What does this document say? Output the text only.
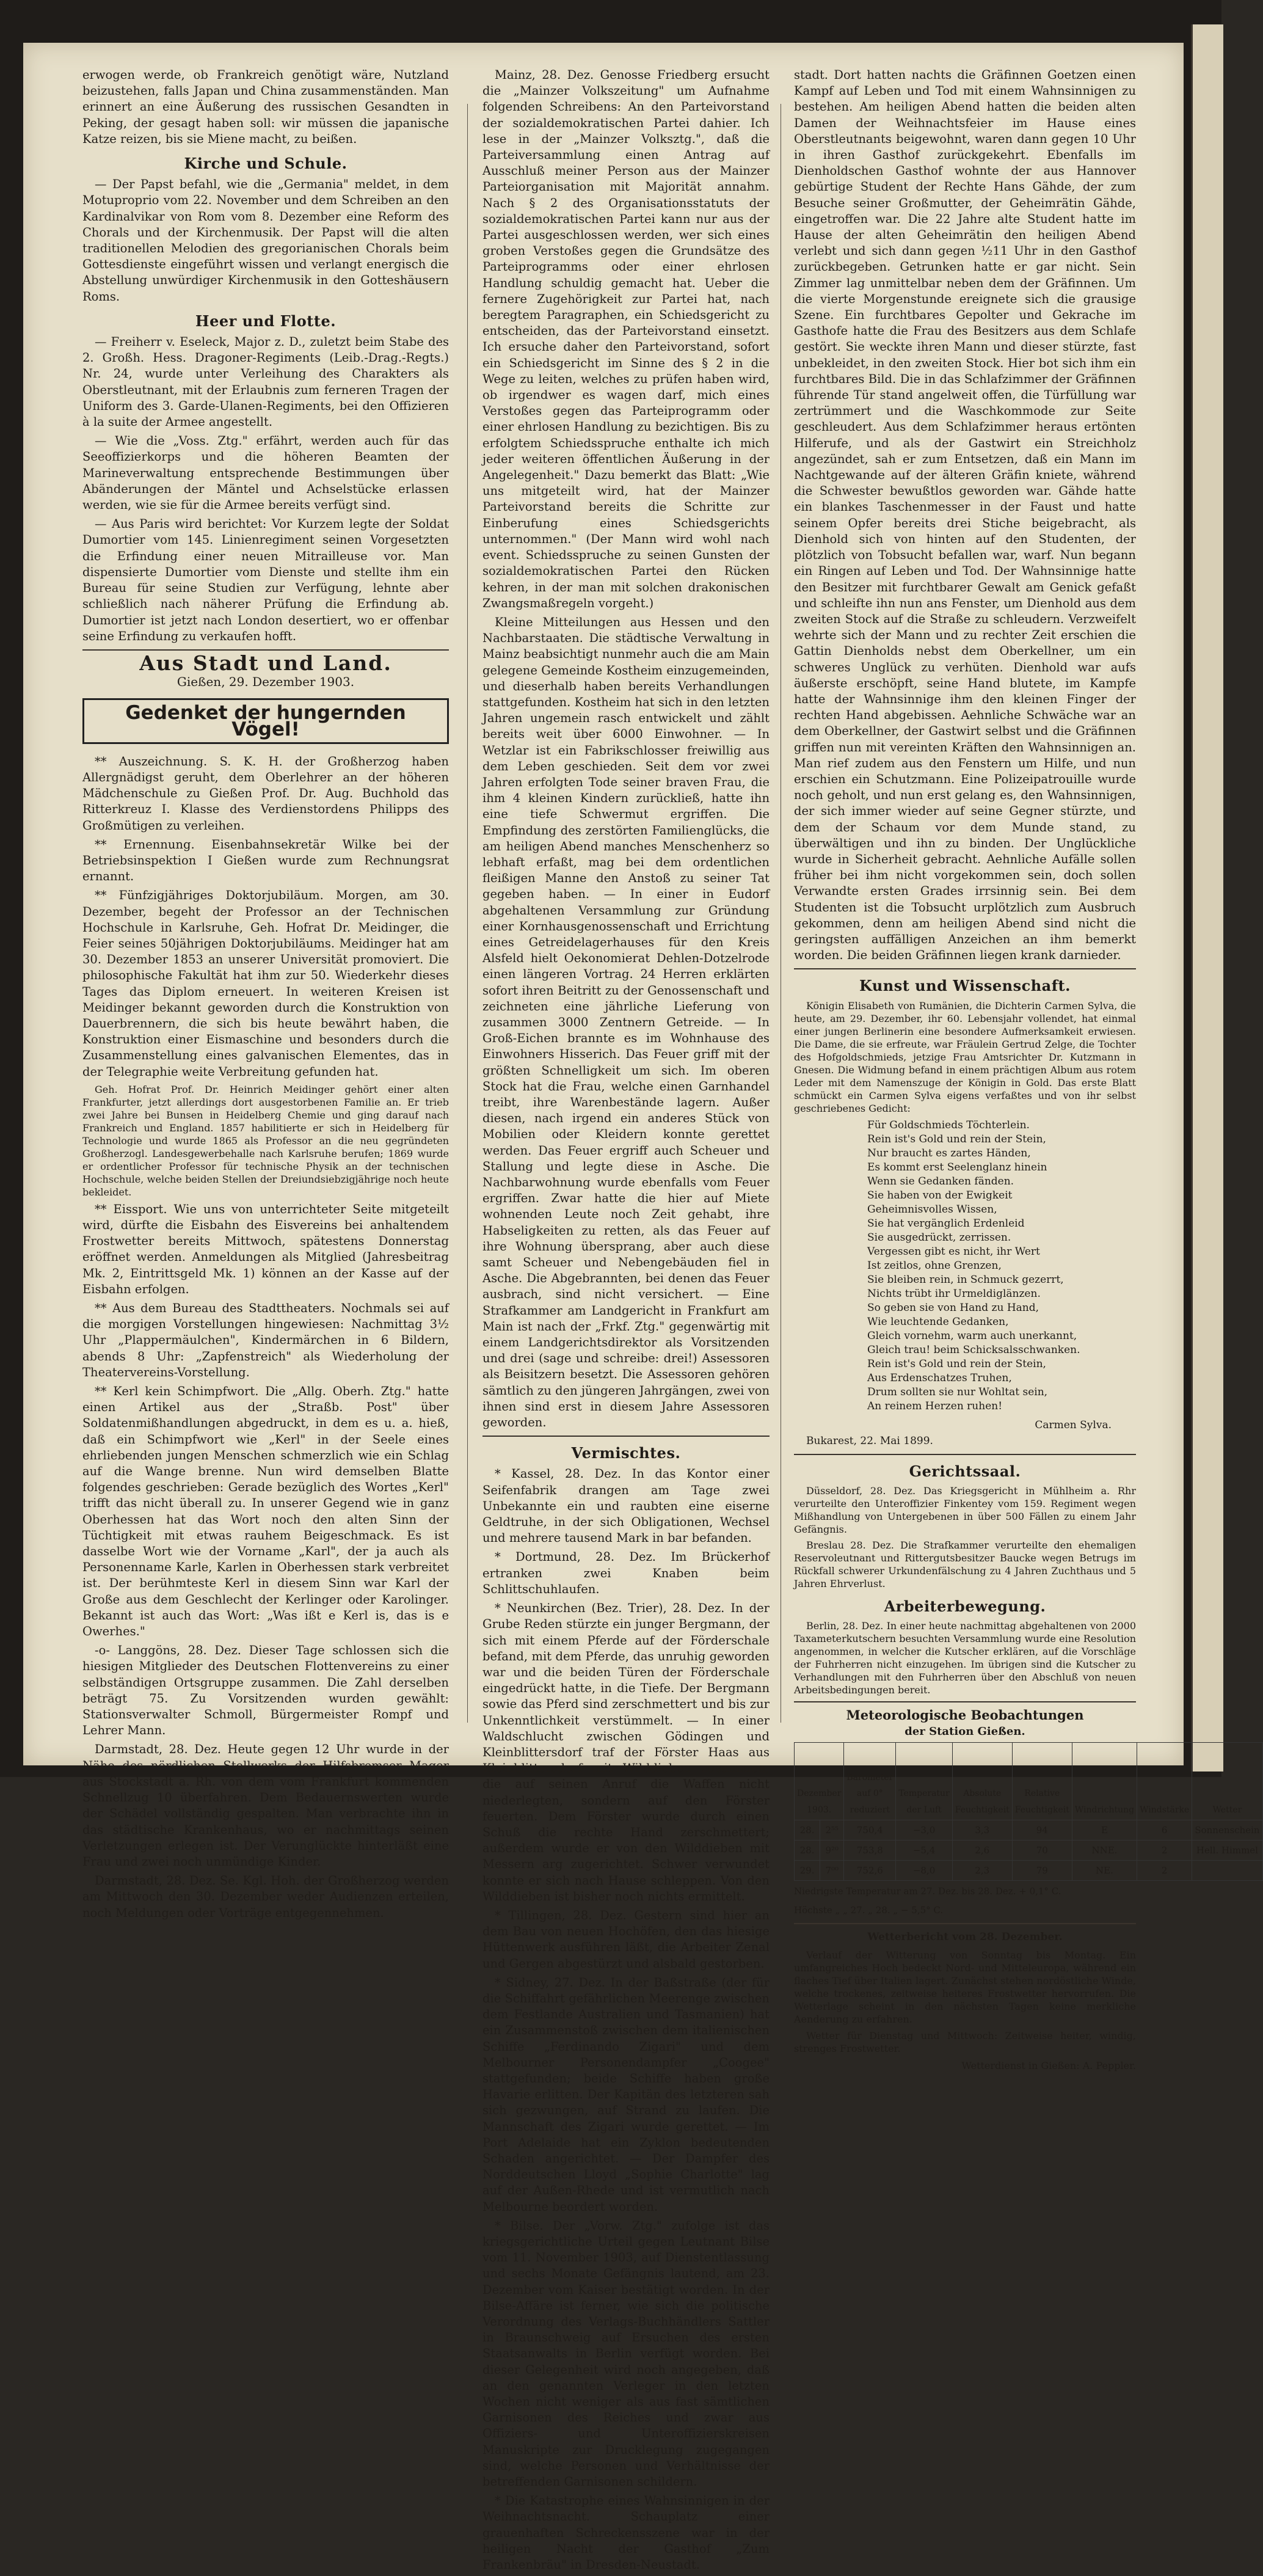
erwogen werde, ob Frankreich genötigt wäre, Nutzland beizustehen, falls Japan und China zusammenständen. Man erinnert an eine Äußerung des russischen Gesandten in Peking, der gesagt haben soll: wir müssen die japanische Katze reizen, bis sie Miene macht, zu beißen.

Kirche und Schule.

— Der Papst befahl, wie die „Germania" meldet, in dem Motuproprio vom 22. November und dem Schreiben an den Kardinalvikar von Rom vom 8. Dezember eine Reform des Chorals und der Kirchenmusik. Der Papst will die alten traditionellen Melodien des gregorianischen Chorals beim Gottesdienste eingeführt wissen und verlangt energisch die Abstellung unwürdiger Kirchenmusik in den Gotteshäusern Roms.

Heer und Flotte.

— Freiherr v. Eseleck, Major z. D., zuletzt beim Stabe des 2. Großh. Hess. Dragoner-Regiments (Leib.-Drag.-Regts.) Nr. 24, wurde unter Verleihung des Charakters als Oberstleutnant, mit der Erlaubnis zum ferneren Tragen der Uniform des 3. Garde-Ulanen-Regiments, bei den Offizieren à la suite der Armee angestellt.

— Wie die „Voss. Ztg." erfährt, werden auch für das Seeoffizierkorps und die höheren Beamten der Marineverwaltung entsprechende Bestimmungen über Abänderungen der Mäntel und Achselstücke erlassen werden, wie sie für die Armee bereits verfügt sind.

— Aus Paris wird berichtet: Vor Kurzem legte der Soldat Dumortier vom 145. Linienregiment seinen Vorgesetzten die Erfindung einer neuen Mitrailleuse vor. Man dispensierte Dumortier vom Dienste und stellte ihm ein Bureau für seine Studien zur Verfügung, lehnte aber schließlich nach näherer Prüfung die Erfindung ab. Dumortier ist jetzt nach London desertiert, wo er offenbar seine Erfindung zu verkaufen hofft.

Aus Stadt und Land.
Gießen, 29. Dezember 1903.
Gedenket der hungernden Vögel!

** Auszeichnung. S. K. H. der Großherzog haben Allergnädigst geruht, dem Oberlehrer an der höheren Mädchenschule zu Gießen Prof. Dr. Aug. Buchhold das Ritterkreuz I. Klasse des Verdienstordens Philipps des Großmütigen zu verleihen.

** Ernennung. Eisenbahnsekretär Wilke bei der Betriebsinspektion I Gießen wurde zum Rechnungsrat ernannt.

** Fünfzigjähriges Doktorjubiläum. Morgen, am 30. Dezember, begeht der Professor an der Technischen Hochschule in Karlsruhe, Geh. Hofrat Dr. Meidinger, die Feier seines 50jährigen Doktorjubiläums. Meidinger hat am 30. Dezember 1853 an unserer Universität promoviert. Die philosophische Fakultät hat ihm zur 50. Wiederkehr dieses Tages das Diplom erneuert. In weiteren Kreisen ist Meidinger bekannt geworden durch die Konstruktion von Dauerbrennern, die sich bis heute bewährt haben, die Konstruktion einer Eismaschine und besonders durch die Zusammenstellung eines galvanischen Elementes, das in der Telegraphie weite Verbreitung gefunden hat.

Geh. Hofrat Prof. Dr. Heinrich Meidinger gehört einer alten Frankfurter, jetzt allerdings dort ausgestorbenen Familie an. Er trieb zwei Jahre bei Bunsen in Heidelberg Chemie und ging darauf nach Frankreich und England. 1857 habilitierte er sich in Heidelberg für Technologie und wurde 1865 als Professor an die neu gegründeten Großherzogl. Landesgewerbehalle nach Karlsruhe berufen; 1869 wurde er ordentlicher Professor für technische Physik an der technischen Hochschule, welche beiden Stellen der Dreiundsiebzigjährige noch heute bekleidet.

** Eissport. Wie uns von unterrichteter Seite mitgeteilt wird, dürfte die Eisbahn des Eisvereins bei anhaltendem Frostwetter bereits Mittwoch, spätestens Donnerstag eröffnet werden. Anmeldungen als Mitglied (Jahresbeitrag Mk. 2, Eintrittsgeld Mk. 1) können an der Kasse auf der Eisbahn erfolgen.

** Aus dem Bureau des Stadttheaters. Nochmals sei auf die morgigen Vorstellungen hingewiesen: Nachmittag 3½ Uhr „Plappermäulchen", Kindermärchen in 6 Bildern, abends 8 Uhr: „Zapfenstreich" als Wiederholung der Theatervereins-Vorstellung.

** Kerl kein Schimpfwort. Die „Allg. Oberh. Ztg." hatte einen Artikel aus der „Straßb. Post" über Soldatenmißhandlungen abgedruckt, in dem es u. a. hieß, daß ein Schimpfwort wie „Kerl" in der Seele eines ehrliebenden jungen Menschen schmerzlich wie ein Schlag auf die Wange brenne. Nun wird demselben Blatte folgendes geschrieben: Gerade bezüglich des Wortes „Kerl" trifft das nicht überall zu. In unserer Gegend wie in ganz Oberhessen hat das Wort noch den alten Sinn der Tüchtigkeit mit etwas rauhem Beigeschmack. Es ist dasselbe Wort wie der Vorname „Karl", der ja auch als Personenname Karle, Karlen in Oberhessen stark verbreitet ist. Der berühmteste Kerl in diesem Sinn war Karl der Große aus dem Geschlecht der Kerlinger oder Karolinger. Bekannt ist auch das Wort: „Was ißt e Kerl is, das is e Owerhes."

-o- Langgöns, 28. Dez. Dieser Tage schlossen sich die hiesigen Mitglieder des Deutschen Flottenvereins zu einer selbständigen Ortsgruppe zusammen. Die Zahl derselben beträgt 75. Zu Vorsitzenden wurden gewählt: Stationsverwalter Schmoll, Bürgermeister Rompf und Lehrer Mann.

Darmstadt, 28. Dez. Heute gegen 12 Uhr wurde in der Nähe des nördlichen Stellwerks der Hilfsbremser Mager aus Stockstadt a. Rh. von dem vom Frankfurt kommenden Schnellzug 10 überfahren. Dem Bedauernswerten wurde der Schädel vollständig gespalten. Man verbrachte ihn in das städtische Krankenhaus, wo er nachmittags seinen Verletzungen erlegen ist. Der Verunglückte hinterläßt eine Frau und zwei noch unmündige Kinder.

Darmstadt, 28. Dez. Se. Kgl. Hoh. der Großherzog werden am Mittwoch den 30. Dezember weder Audienzen erteilen, noch Meldungen oder Vorträge entgegennehmen.

Mainz, 28. Dez. Genosse Friedberg ersucht die „Mainzer Volkszeitung" um Aufnahme folgenden Schreibens: An den Parteivorstand der sozialdemokratischen Partei dahier. Ich lese in der „Mainzer Volksztg.", daß die Parteiversammlung einen Antrag auf Ausschluß meiner Person aus der Mainzer Parteiorganisation mit Majorität annahm. Nach § 2 des Organisationsstatuts der sozialdemokratischen Partei kann nur aus der Partei ausgeschlossen werden, wer sich eines groben Verstoßes gegen die Grundsätze des Parteiprogramms oder einer ehrlosen Handlung schuldig gemacht hat. Ueber die fernere Zugehörigkeit zur Partei hat, nach beregtem Paragraphen, ein Schiedsgericht zu entscheiden, das der Parteivorstand einsetzt. Ich ersuche daher den Parteivorstand, sofort ein Schiedsgericht im Sinne des § 2 in die Wege zu leiten, welches zu prüfen haben wird, ob irgendwer es wagen darf, mich eines Verstoßes gegen das Parteiprogramm oder einer ehrlosen Handlung zu bezichtigen. Bis zu erfolgtem Schiedsspruche enthalte ich mich jeder weiteren öffentlichen Äußerung in der Angelegenheit." Dazu bemerkt das Blatt: „Wie uns mitgeteilt wird, hat der Mainzer Parteivorstand bereits die Schritte zur Einberufung eines Schiedsgerichts unternommen." (Der Mann wird wohl nach event. Schiedsspruche zu seinen Gunsten der sozialdemokratischen Partei den Rücken kehren, in der man mit solchen drakonischen Zwangsmaßregeln vorgeht.)

Kleine Mitteilungen aus Hessen und den Nachbarstaaten. Die städtische Verwaltung in Mainz beabsichtigt nunmehr auch die am Main gelegene Gemeinde Kostheim einzugemeinden, und dieserhalb haben bereits Verhandlungen stattgefunden. Kostheim hat sich in den letzten Jahren ungemein rasch entwickelt und zählt bereits weit über 6000 Einwohner. — In Wetzlar ist ein Fabrikschlosser freiwillig aus dem Leben geschieden. Seit dem vor zwei Jahren erfolgten Tode seiner braven Frau, die ihm 4 kleinen Kindern zurückließ, hatte ihn eine tiefe Schwermut ergriffen. Die Empfindung des zerstörten Familienglücks, die am heiligen Abend manches Menschenherz so lebhaft erfaßt, mag bei dem ordentlichen fleißigen Manne den Anstoß zu seiner Tat gegeben haben. — In einer in Eudorf abgehaltenen Versammlung zur Gründung einer Kornhausgenossenschaft und Errichtung eines Getreidelagerhauses für den Kreis Alsfeld hielt Oekonomierat Dehlen-Dotzelrode einen längeren Vortrag. 24 Herren erklärten sofort ihren Beitritt zu der Genossenschaft und zeichneten eine jährliche Lieferung von zusammen 3000 Zentnern Getreide. — In Groß-Eichen brannte es im Wohnhause des Einwohners Hisserich. Das Feuer griff mit der größten Schnelligkeit um sich. Im oberen Stock hat die Frau, welche einen Garnhandel treibt, ihre Warenbestände lagern. Außer diesen, nach irgend ein anderes Stück von Mobilien oder Kleidern konnte gerettet werden. Das Feuer ergriff auch Scheuer und Stallung und legte diese in Asche. Die Nachbarwohnung wurde ebenfalls vom Feuer ergriffen. Zwar hatte die hier auf Miete wohnenden Leute noch Zeit gehabt, ihre Habseligkeiten zu retten, als das Feuer auf ihre Wohnung übersprang, aber auch diese samt Scheuer und Nebengebäuden fiel in Asche. Die Abgebrannten, bei denen das Feuer ausbrach, sind nicht versichert. — Eine Strafkammer am Landgericht in Frankfurt am Main ist nach der „Frkf. Ztg." gegenwärtig mit einem Landgerichtsdirektor als Vorsitzenden und drei (sage und schreibe: drei!) Assessoren als Beisitzern besetzt. Die Assessoren gehören sämtlich zu den jüngeren Jahrgängen, zwei von ihnen sind erst in diesem Jahre Assessoren geworden.

Vermischtes.

* Kassel, 28. Dez. In das Kontor einer Seifenfabrik drangen am Tage zwei Unbekannte ein und raubten eine eiserne Geldtruhe, in der sich Obligationen, Wechsel und mehrere tausend Mark in bar befanden.

* Dortmund, 28. Dez. Im Brückerhof ertranken zwei Knaben beim Schlittschuhlaufen.

* Neunkirchen (Bez. Trier), 28. Dez. In der Grube Reden stürzte ein junger Bergmann, der sich mit einem Pferde auf der Förderschale befand, mit dem Pferde, das unruhig geworden war und die beiden Türen der Förderschale eingedrückt hatte, in die Tiefe. Der Bergmann sowie das Pferd sind zerschmettert und bis zur Unkenntlichkeit verstümmelt. — In einer Waldschlucht zwischen Gödingen und Kleinblittersdorf traf der Förster Haas aus Kleinblittersdorf mit Wilddieben zusammen, die auf seinen Anruf die Waffen nicht niederlegten, sondern auf den Förster feuerten. Dem Förster wurde durch einen Schuß die rechte Hand zerschmettert; außerdem wurde er von den Wilddieben mit Messern arg zugerichtet. Schwer verwundet konnte er sich nach Hause schleppen. Von den Wilddieben ist bisher noch nichts ermittelt.

* Tillingen, 28. Dez. Gestern sind hier an dem Bau von neuen Hochöfen, den das hiesige Hüttenwerk ausführen läßt, die Arbeiter Zenal und Gergen abgestürzt und alsbald gestorben.

* Sidney, 27. Dez. In der Baßstraße (der für die Schiffahrt gefährlichen Meerenge zwischen dem Festlande Australien und Tasmanien) hat ein Zusammenstoß zwischen dem italienischen Schiffe „Ferdinando Zigari" und dem Melbourner Personendampfer „Coogee" stattgefunden; beide Schiffe haben große Havarie erlitten. Der Kapitän des letzteren sah sich gezwungen, auf Strand zu laufen. Die Mannschaft des Zigari wurde gerettet. — Im Port Adelaide hat ein Zyklon bedeutenden Schaden angerichtet. — Der Dampfer des Norddeutschen Lloyd „Sophie Charlotte" lag auf der Außen-Rhede und ist vermutlich nach Melbourne beordert worden.

* Bilse. Der „Vorw. Ztg." zufolge ist das kriegsgerichtliche Urteil gegen Leutnant Bilse vom 11. November 1903, auf Dienstentlassung und sechs Monate Gefängnis lautend, am 23. Dezember vom Kaiser bestätigt worden. In der Bilse-Affäre ist ferner, wie sich die politische Verordnung des Verlags-Buchhändlers Sattler in Braunschweig auf Ersuchen des ersten Staatsanwalts in Berlin verfügt worden. Bei dieser Gelegenheit wird noch angegeben, daß an den genannten Verleger in den letzten Wochen nicht weniger als aus fast sämtlichen Garnisonen des Reiches und zwar aus Offiziers- und Unteroffizierskreisen Manuskripte zur Drucklegung zugegangen sind, welche Personen und Verhältnisse der betreffenden Garnisonen schildern.

* Die Katastrophe eines Wahnsinnigen in der Weihnachtsnacht. Schauplatz einer grauenhaften Schreckensszene war in der heiligen Nacht der Gasthof „Zum Frankenbräu" in Dresden-Neustadt.

stadt. Dort hatten nachts die Gräfinnen Goetzen einen Kampf auf Leben und Tod mit einem Wahnsinnigen zu bestehen. Am heiligen Abend hatten die beiden alten Damen der Weihnachtsfeier im Hause eines Oberstleutnants beigewohnt, waren dann gegen 10 Uhr in ihren Gasthof zurückgekehrt. Ebenfalls im Dienholdschen Gasthof wohnte der aus Hannover gebürtige Student der Rechte Hans Gähde, der zum Besuche seiner Großmutter, der Geheimrätin Gähde, eingetroffen war. Die 22 Jahre alte Student hatte im Hause der alten Geheimrätin den heiligen Abend verlebt und sich dann gegen ½11 Uhr in den Gasthof zurückbegeben. Getrunken hatte er gar nicht. Sein Zimmer lag unmittelbar neben dem der Gräfinnen. Um die vierte Morgenstunde ereignete sich die grausige Szene. Ein furchtbares Gepolter und Gekrache im Gasthofe hatte die Frau des Besitzers aus dem Schlafe gestört. Sie weckte ihren Mann und dieser stürzte, fast unbekleidet, in den zweiten Stock. Hier bot sich ihm ein furchtbares Bild. Die in das Schlafzimmer der Gräfinnen führende Tür stand angelweit offen, die Türfüllung war zertrümmert und die Waschkommode zur Seite geschleudert. Aus dem Schlafzimmer heraus ertönten Hilferufe, und als der Gastwirt ein Streichholz angezündet, sah er zum Entsetzen, daß ein Mann im Nachtgewande auf der älteren Gräfin kniete, während die Schwester bewußtlos geworden war. Gähde hatte ein blankes Taschenmesser in der Faust und hatte seinem Opfer bereits drei Stiche beigebracht, als Dienhold sich von hinten auf den Studenten, der plötzlich von Tobsucht befallen war, warf. Nun begann ein Ringen auf Leben und Tod. Der Wahnsinnige hatte den Besitzer mit furchtbarer Gewalt am Genick gefaßt und schleifte ihn nun ans Fenster, um Dienhold aus dem zweiten Stock auf die Straße zu schleudern. Verzweifelt wehrte sich der Mann und zu rechter Zeit erschien die Gattin Dienholds nebst dem Oberkellner, um ein schweres Unglück zu verhüten. Dienhold war aufs äußerste erschöpft, seine Hand blutete, im Kampfe hatte der Wahnsinnige ihm den kleinen Finger der rechten Hand abgebissen. Aehnliche Schwäche war an dem Oberkellner, der Gastwirt selbst und die Gräfinnen griffen nun mit vereinten Kräften den Wahnsinnigen an. Man rief zudem aus den Fenstern um Hilfe, und nun erschien ein Schutzmann. Eine Polizeipatrouille wurde noch geholt, und nun erst gelang es, den Wahnsinnigen, der sich immer wieder auf seine Gegner stürzte, und dem der Schaum vor dem Munde stand, zu überwältigen und ihn zu binden. Der Unglückliche wurde in Sicherheit gebracht. Aehnliche Aufälle sollen früher bei ihm nicht vorgekommen sein, doch sollen Verwandte ersten Grades irrsinnig sein. Bei dem Studenten ist die Tobsucht urplötzlich zum Ausbruch gekommen, denn am heiligen Abend sind nicht die geringsten auffälligen Anzeichen an ihm bemerkt worden. Die beiden Gräfinnen liegen krank darnieder.

Kunst und Wissenschaft.

Königin Elisabeth von Rumänien, die Dichterin Carmen Sylva, die heute, am 29. Dezember, ihr 60. Lebensjahr vollendet, hat einmal einer jungen Berlinerin eine besondere Aufmerksamkeit erwiesen. Die Dame, die sie erfreute, war Fräulein Gertrud Zelge, die Tochter des Hofgoldschmieds, jetzige Frau Amtsrichter Dr. Kutzmann in Gnesen. Die Widmung befand in einem prächtigen Album aus rotem Leder mit dem Namenszuge der Königin in Gold. Das erste Blatt schmückt ein Carmen Sylva eigens verfaßtes und von ihr selbst geschriebenes Gedicht:

Für Goldschmieds Töchterlein.
Rein ist's Gold und rein der Stein,
Nur braucht es zartes Händen,
Es kommt erst Seelenglanz hinein
Wenn sie Gedanken fänden.
Sie haben von der Ewigkeit
Geheimnisvolles Wissen,
Sie hat vergänglich Erdenleid
Sie ausgedrückt, zerrissen.
Vergessen gibt es nicht, ihr Wert
Ist zeitlos, ohne Grenzen,
Sie bleiben rein, in Schmuck gezerrt,
Nichts trübt ihr Urmeldiglänzen.
So geben sie von Hand zu Hand,
Wie leuchtende Gedanken,
Gleich vornehm, warm auch unerkannt,
Gleich trau! beim Schicksalsschwanken.
Rein ist's Gold und rein der Stein,
Aus Erdenschatzes Truhen,
Drum sollten sie nur Wohltat sein,
An reinem Herzen ruhen!
Carmen Sylva.
Bukarest, 22. Mai 1899.
Gerichtssaal.

Düsseldorf, 28. Dez. Das Kriegsgericht in Mühlheim a. Rhr verurteilte den Unteroffizier Finkentey vom 159. Regiment wegen Mißhandlung von Untergebenen in über 500 Fällen zu einem Jahr Gefängnis.

Breslau 28. Dez. Die Strafkammer verurteilte den ehemaligen Reservoleutnant und Rittergutsbesitzer Baucke wegen Betrugs im Rückfall schwerer Urkundenfälschung zu 4 Jahren Zuchthaus und 5 Jahren Ehrverlust.

Arbeiterbewegung.

Berlin, 28. Dez. In einer heute nachmittag abgehaltenen von 2000 Taxameterkutschern besuchten Versammlung wurde eine Resolution angenommen, in welcher die Kutscher erklären, auf die Vorschläge der Fuhrherren nicht einzugehen. Im übrigen sind die Kutscher zu Verhandlungen mit den Fuhrherren über den Abschluß von neuen Arbeitsbedingungen bereit.

Meteorologische Beobachtungen
der Station Gießen.
Dezember 1903.		Barometer auf 0° reduziert	Temperatur der Luft	Absolute Feuchtigkeit	Relative Feuchtigkeit	Windrichtung	Windstärke	Wetter
28.	2⁵⁵	750,4	−3,0	3,3	94	E	6	Sonnenschein
28.	9²⁰	753,8	−5,4	2,6	70	NNE.	2	Hell. Himmel
29.	7⁰⁰	752,6	−8,0	2,3	79	NE.	2	
Niedrigste Temperatur am 27. Dez. bis 28. Dez. + 0,1° C.
Höchste „ „ 27. „ 28. „ − 5,5° C.
Wetterbericht vom 28. Dezember.

Verlauf der Witterung von Sonntag bis Montag. Ein umfangreiches Hoch bedeckt Nord- und Mitteleuropa, während ein flaches Tief über Italien lagert. Zunächst stehen nordöstliche Winde, welche trockenes, zeitweise heiteres Frostwetter hervorrufen. Die Wetterlage scheint in den nächsten Tagen keine merkliche Aenderung zu erfahren.

Wetter für Dienstag und Mittwoch: Zeitweise heiter, windig, strenges Frostwetter.

Wetterdienst in Gießen: A. Peppler.
